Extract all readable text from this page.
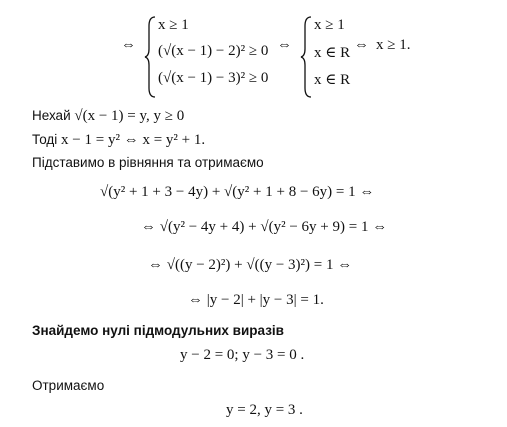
⇔
x ≥ 1
(√(x − 1) − 2)² ≥ 0
(√(x − 1) − 3)² ≥ 0
⇔
x ≥ 1
x ∈ R
x ∈ R
⇔ x ≥ 1.
Нехай √(x − 1) = y, y ≥ 0
Тоді x − 1 = y² ⇔ x = y² + 1.
Підставимо в рівняння та отримаємо
√(y² + 1 + 3 − 4y) + √(y² + 1 + 8 − 6y) = 1 ⇔
⇔ √(y² − 4y + 4) + √(y² − 6y + 9) = 1 ⇔
⇔ √((y − 2)²) + √((y − 3)²) = 1 ⇔
⇔ |y − 2| + |y − 3| = 1.
Знайдемо нулі підмодульних виразів
y − 2 = 0; y − 3 = 0 .
Отримаємо
y = 2, y = 3 .
